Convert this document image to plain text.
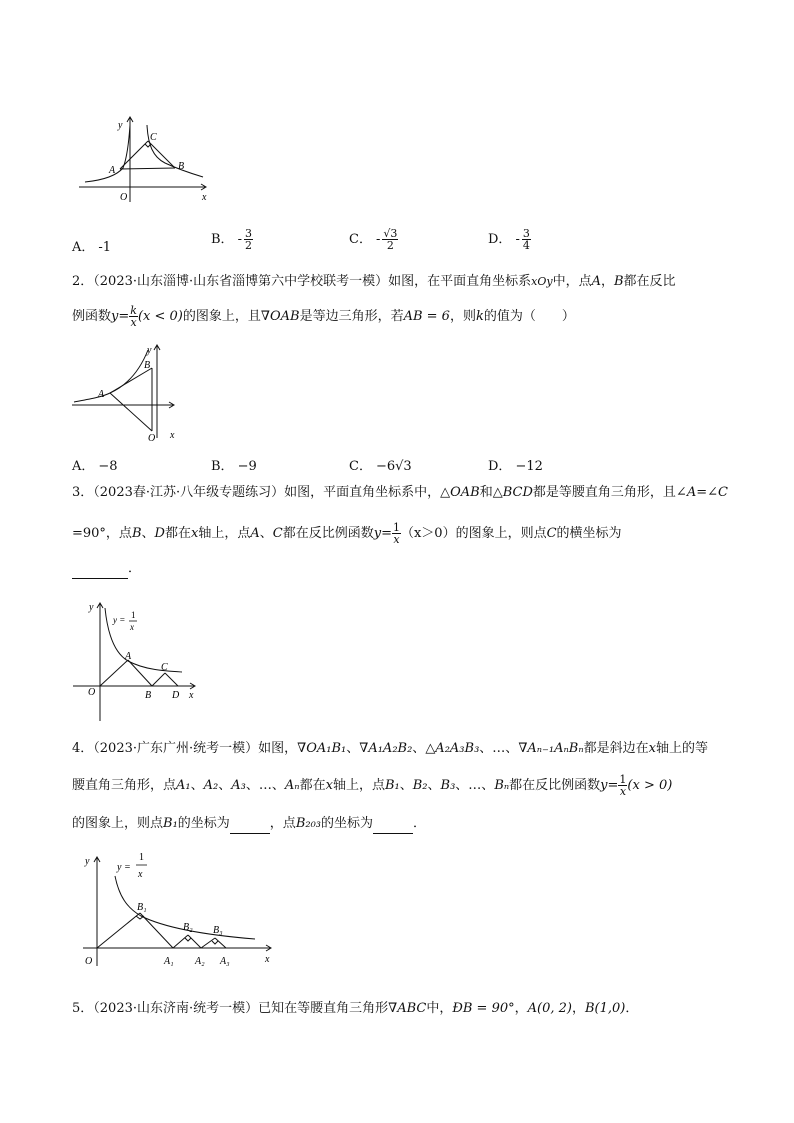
y
x
O
A
C
B
A． -1
B． - $\frac{3}{2}$	C． - $\frac{√3}{2}$	D． - $\frac{3}{4}$
2．（2023·山东淄博·山东省淄博第六中学校联考一模）如图，在平面直角坐标系xOy中，点A，B都在反比
例函数$y= \frac{k}{x} (x < 0)$的图象上，且∇OAB是等边三角形，若AB = 6，则k的值为（　　）
y
x
O
A
B
A． −8	B． −9	C． −6√3	D． −12
3．（2023春·江苏·八年级专题练习）如图，平面直角坐标系中，△OAB和△BCD都是等腰直角三角形，且∠A=∠C
=90°，点B、D都在x轴上，点A、C都在反比例函数$y= \frac{1}{x} (x>0)$的图象上，则点C的横坐标为
．
y
x
O
A
B
C
D
y = 1
x
4．（2023·广东广州·统考一模）如图，∇OA₁B₁、∇A₁A₂B₂、△A₂A₃B₃、…、∇Aₙ₋₁AₙBₙ都是斜边在x轴上的等
腰直角三角形，点A₁、A₂、A₃、…、Aₙ都在x轴上，点B₁、B₂、B₃、…、Bₙ都在反比例函数$y= \frac{1}{x} (x > 0)$
的图象上，则点B₁的坐标为	，点B₂₀₃的坐标为	．
y
x
O
y =
1
x
B₁
B₂ B₃
A₁ A₂ A₃
5．（2023·山东济南·统考一模）已知在等腰直角三角形∇ABC中，ÐB = 90°，A(0, 2)，B(1,0)．
